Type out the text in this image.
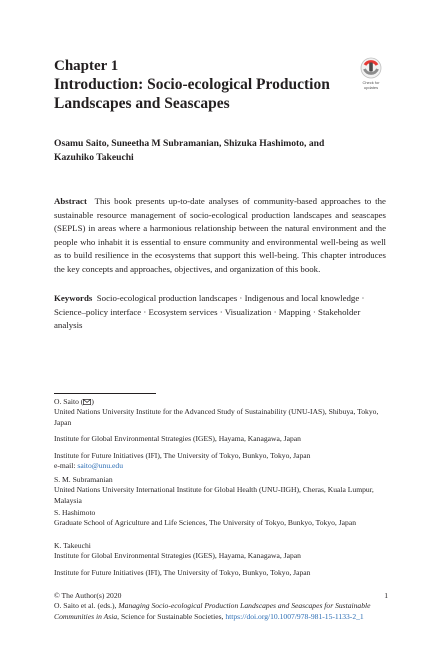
Chapter 1
Introduction: Socio-ecological Production Landscapes and Seascapes
Check for
updates
Osamu Saito, Suneetha M Subramanian, Shizuka Hashimoto, and Kazuhiko Takeuchi
Abstract This book presents up-to-date analyses of community-based approaches to the sustainable resource management of socio-ecological production landscapes and seascapes (SEPLS) in areas where a harmonious relationship between the natural environment and the people who inhabit it is essential to ensure community and environmental well-being as well as to build resilience in the ecosystems that support this well-being. This chapter introduces the key concepts and approaches, objectives, and organization of this book.
Keywords Socio-ecological production landscapes · Indigenous and local knowledge · Science–policy interface · Ecosystem services · Visualization · Mapping · Stakeholder analysis
O. Saito ( )
United Nations University Institute for the Advanced Study of Sustainability (UNU-IAS), Shibuya, Tokyo, Japan
Institute for Global Environmental Strategies (IGES), Hayama, Kanagawa, Japan
Institute for Future Initiatives (IFI), The University of Tokyo, Bunkyo, Tokyo, Japan
e-mail: saito@unu.edu
S. M. Subramanian
United Nations University International Institute for Global Health (UNU-IIGH), Cheras, Kuala Lumpur, Malaysia
S. Hashimoto
Graduate School of Agriculture and Life Sciences, The University of Tokyo, Bunkyo, Tokyo, Japan
K. Takeuchi
Institute for Global Environmental Strategies (IGES), Hayama, Kanagawa, Japan
Institute for Future Initiatives (IFI), The University of Tokyo, Bunkyo, Tokyo, Japan
© The Author(s) 2020
O. Saito et al. (eds.), Managing Socio-ecological Production Landscapes and Seascapes for Sustainable Communities in Asia, Science for Sustainable Societies, https://doi.org/10.1007/978-981-15-1133-2_1
1
